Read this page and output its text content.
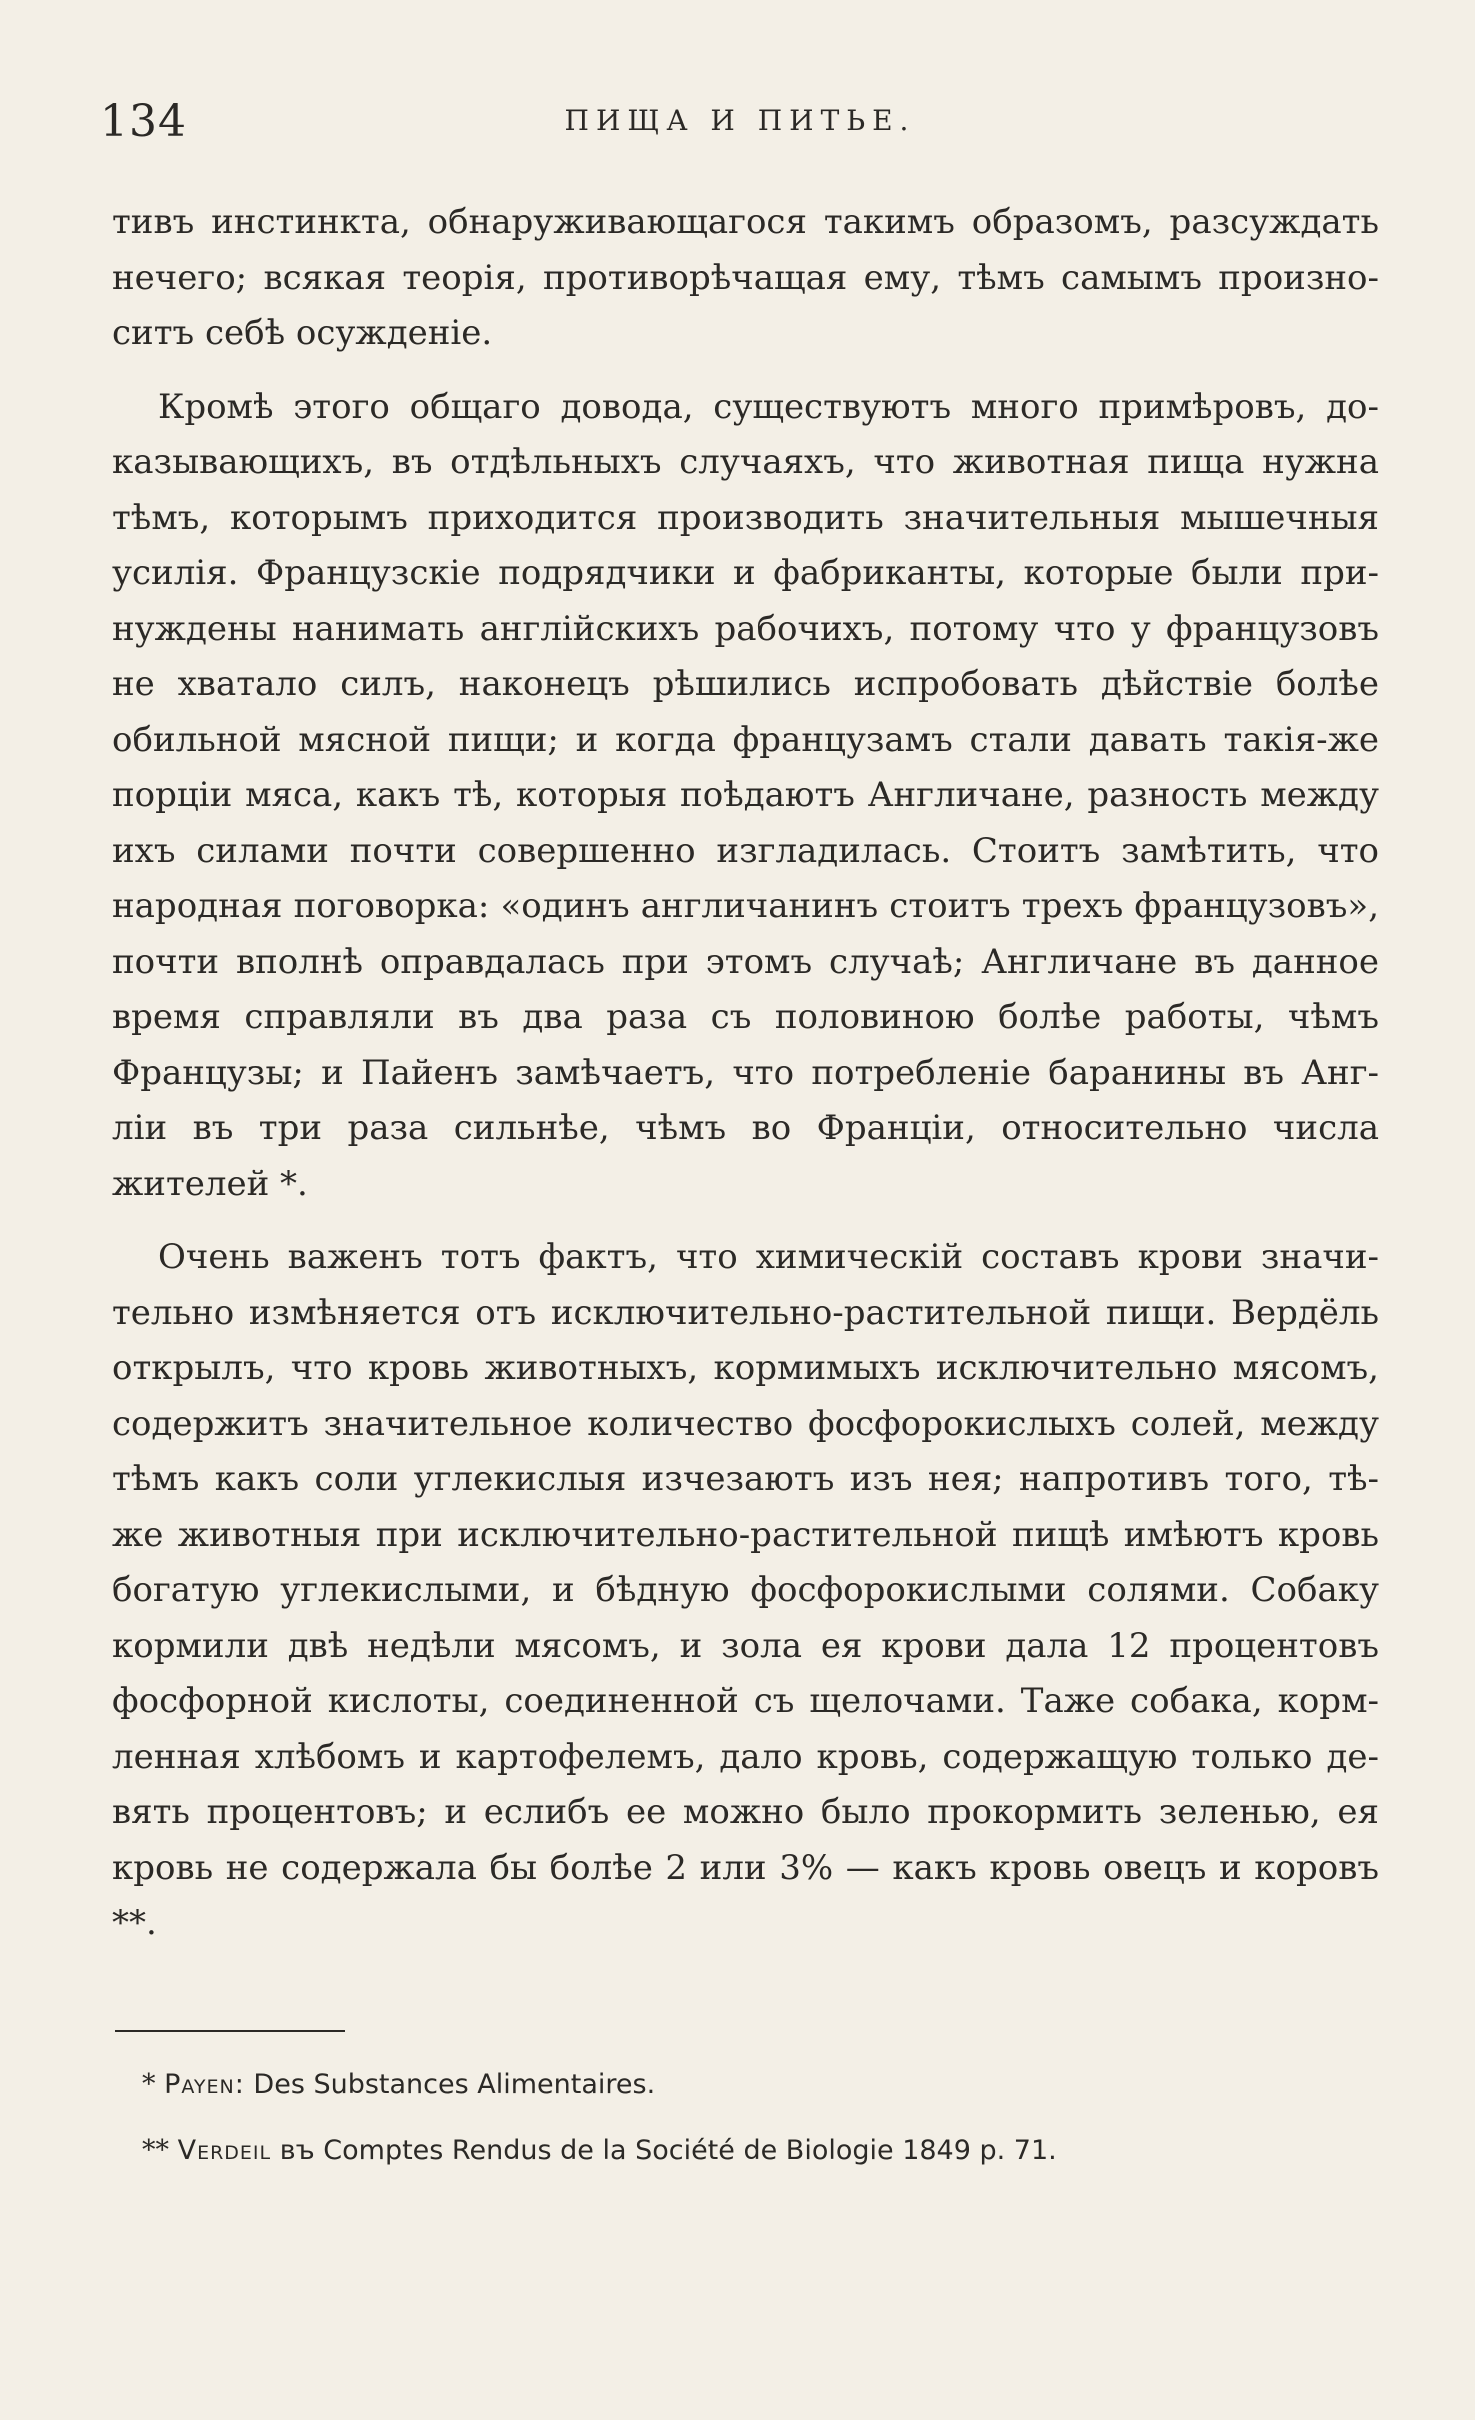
134	ПИЩА И ПИТЬЕ.

тивъ инстинкта, обнаруживающагося такимъ образомъ, разсуждать нечего; всякая теорія, противорѣчащая ему, тѣмъ самымъ произно-ситъ себѣ осужденіе.

Кромѣ этого общаго довода, существуютъ много примѣровъ, до-казывающихъ, въ отдѣльныхъ случаяхъ, что животная пища нужна тѣмъ, которымъ приходится производить значительныя мышечныя усилія. Французскіе подрядчики и фабриканты, которые были при-нуждены нанимать англійскихъ рабочихъ, потому что у французовъ не хватало силъ, наконецъ рѣшились испробовать дѣйствіе болѣе обильной мясной пищи; и когда французамъ стали давать такія-же порціи мяса, какъ тѣ, которыя поѣдаютъ Англичане, разность между ихъ силами почти совершенно изгладилась. Стоитъ замѣтить, что народная поговорка: «одинъ англичанинъ стоитъ трехъ французовъ», почти вполнѣ оправдалась при этомъ случаѣ; Англичане въ данное время справляли въ два раза съ половиною болѣе работы, чѣмъ Французы; и Пайенъ замѣчаетъ, что потребленіе баранины въ Анг-ліи въ три раза сильнѣе, чѣмъ во Франціи, относительно числа жителей *.

Очень важенъ тотъ фактъ, что химическій составъ крови значи-тельно измѣняется отъ исключительно-растительной пищи. Вердёль открылъ, что кровь животныхъ, кормимыхъ исключительно мясомъ, содержитъ значительное количество фосфорокислыхъ солей, между тѣмъ какъ соли углекислыя изчезаютъ изъ нея; напротивъ того, тѣ-же животныя при исключительно-растительной пищѣ имѣютъ кровь богатую углекислыми, и бѣдную фосфорокислыми солями. Собаку кормили двѣ недѣли мясомъ, и зола ея крови дала 12 процентовъ фосфорной кислоты, соединенной съ щелочами. Таже собака, корм-ленная хлѣбомъ и картофелемъ, дало кровь, содержащую только де-вять процентовъ; и еслибъ ее можно было прокормить зеленью, ея кровь не содержала бы болѣе 2 или 3% — какъ кровь овецъ и коровъ **.

* Payen: Des Substances Alimentaires.
** Verdeil въ Comptes Rendus de la Société de Biologie 1849 p. 71.
